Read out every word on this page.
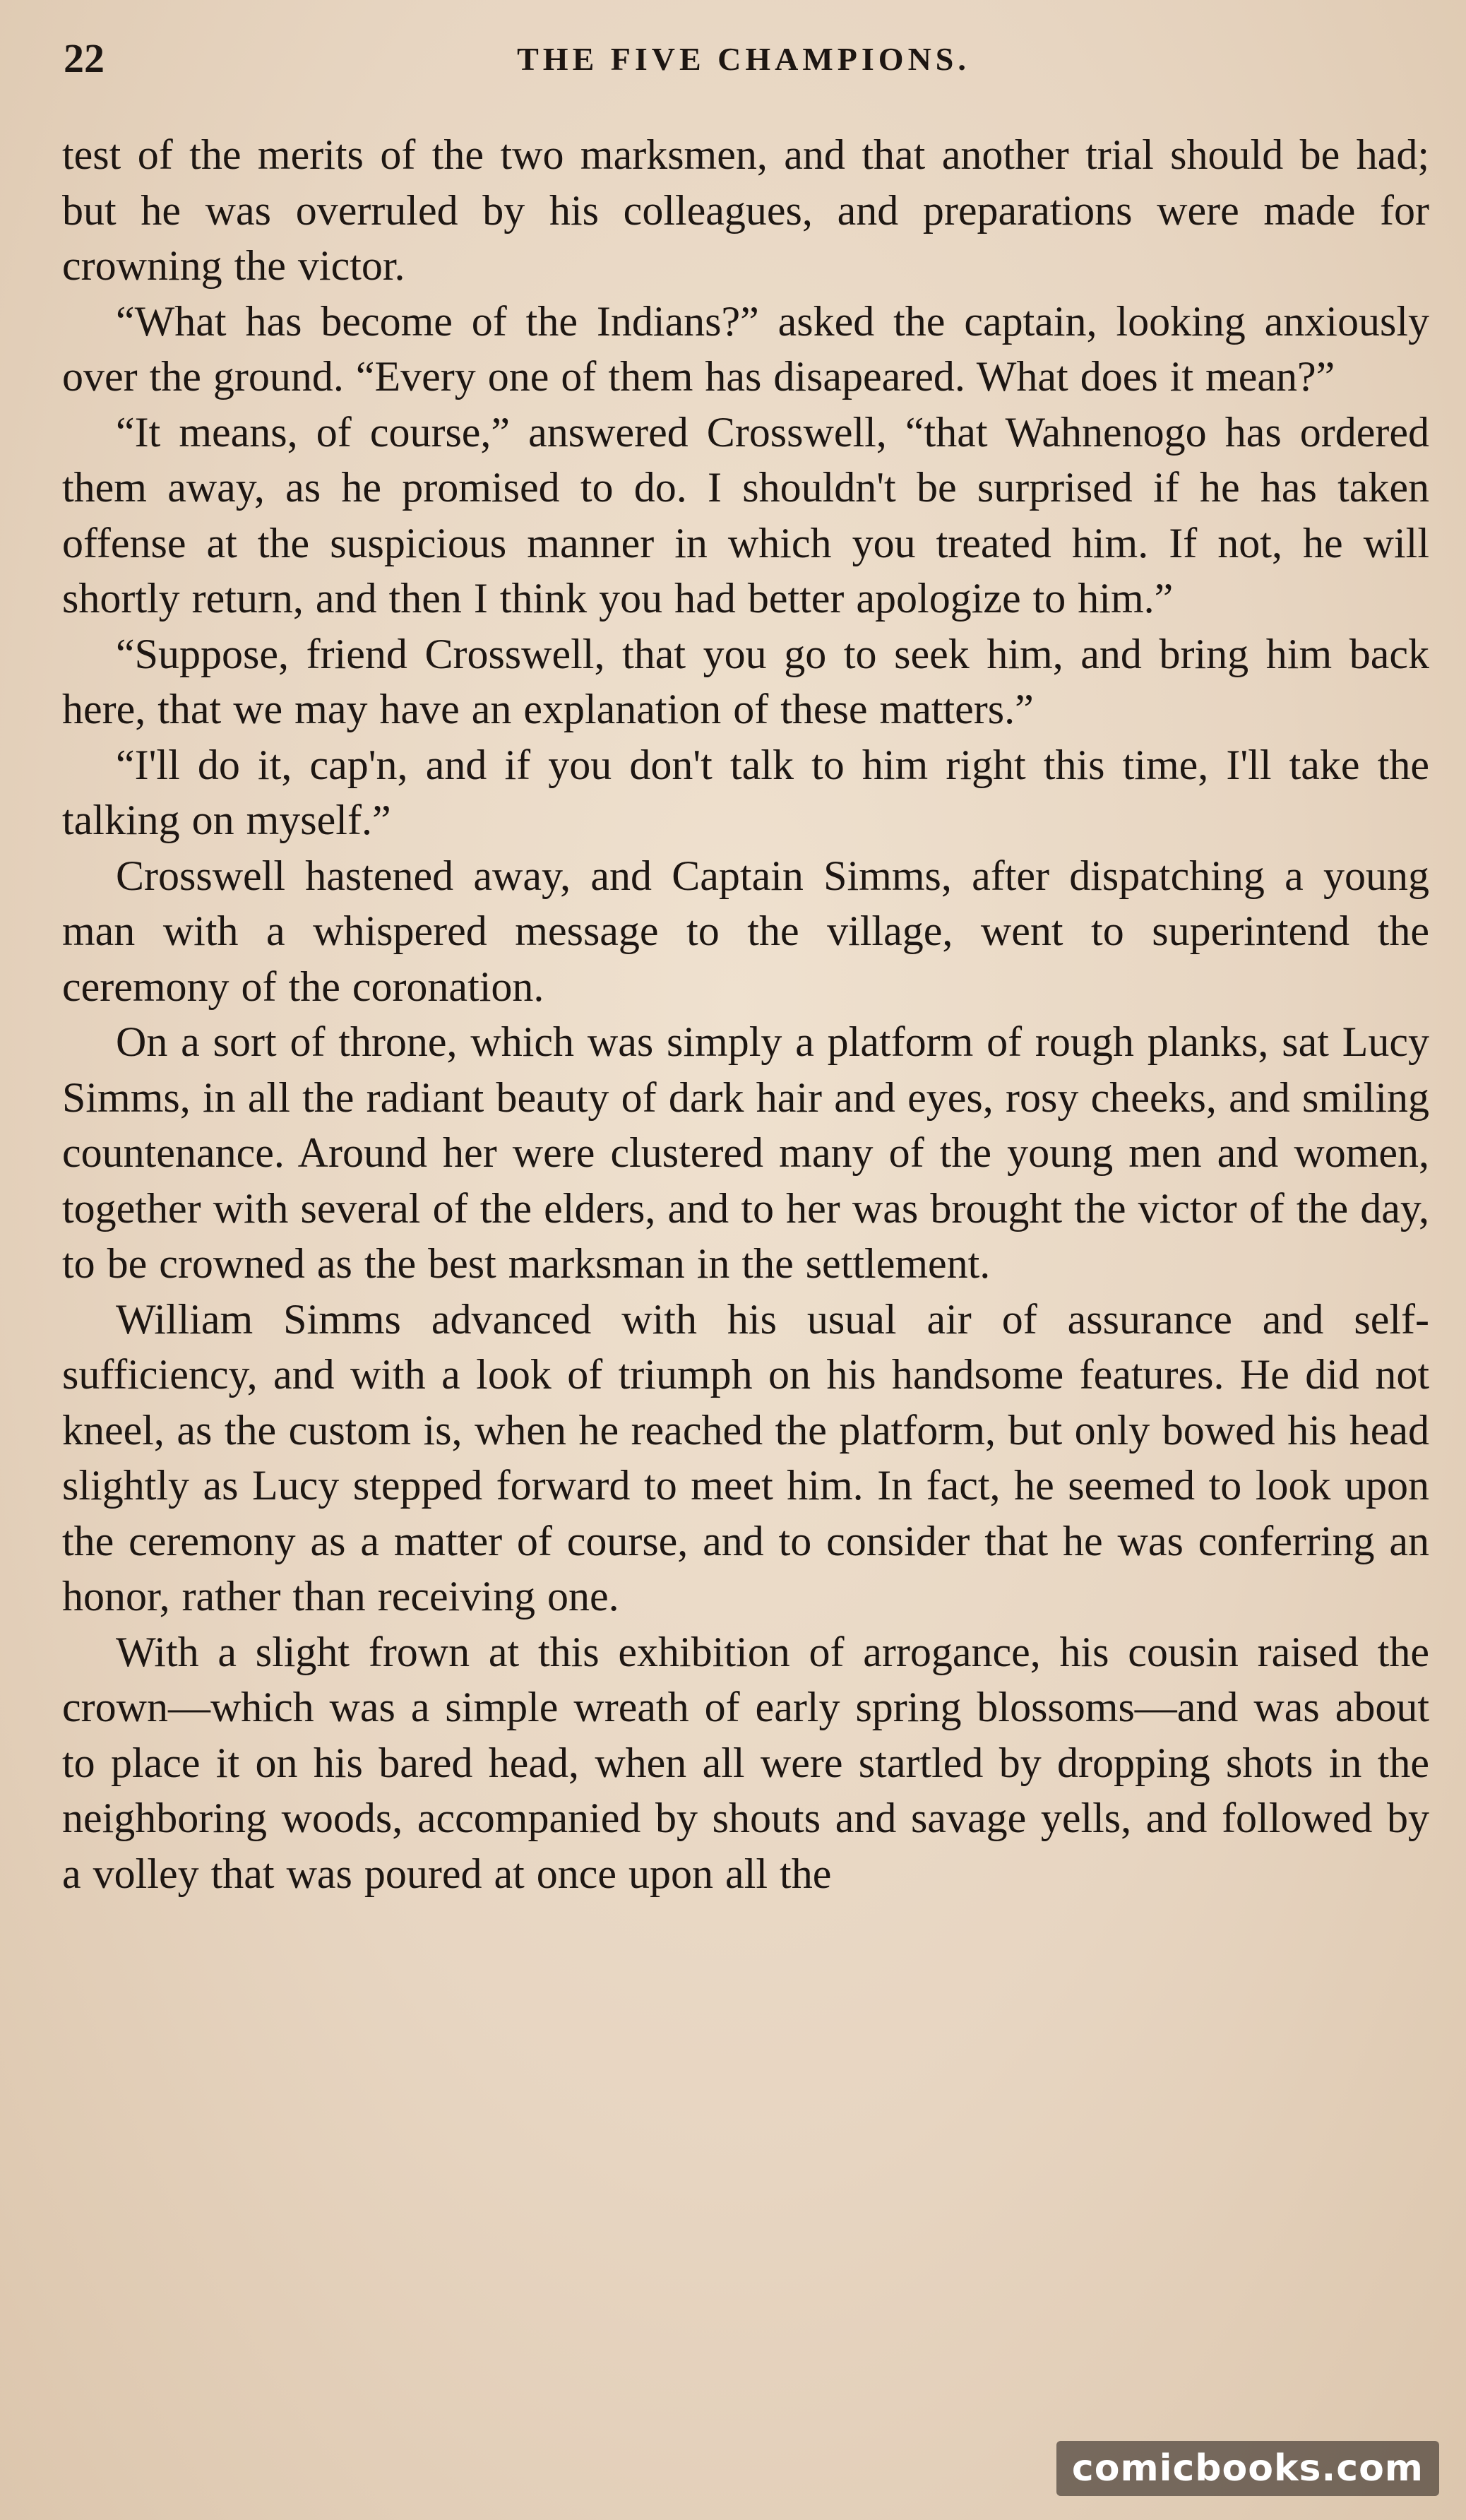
22	THE FIVE CHAMPIONS.

test of the merits of the two marksmen, and that another trial should be had; but he was overruled by his colleagues, and preparations were made for crowning the victor.

“What has become of the Indians?” asked the captain, looking anxiously over the ground. “Every one of them has disapeared. What does it mean?”

“It means, of course,” answered Crosswell, “that Wahnenogo has ordered them away, as he promised to do. I shouldn't be surprised if he has taken offense at the suspicious manner in which you treated him. If not, he will shortly return, and then I think you had better apologize to him.”

“Suppose, friend Crosswell, that you go to seek him, and bring him back here, that we may have an explanation of these matters.”

“I'll do it, cap'n, and if you don't talk to him right this time, I'll take the talking on myself.”

Crosswell hastened away, and Captain Simms, after dispatching a young man with a whispered message to the village, went to superintend the ceremony of the coronation.

On a sort of throne, which was simply a platform of rough planks, sat Lucy Simms, in all the radiant beauty of dark hair and eyes, rosy cheeks, and smiling countenance. Around her were clustered many of the young men and women, together with several of the elders, and to her was brought the victor of the day, to be crowned as the best marksman in the settlement.

William Simms advanced with his usual air of assurance and self-sufficiency, and with a look of triumph on his handsome features. He did not kneel, as the custom is, when he reached the platform, but only bowed his head slightly as Lucy stepped forward to meet him. In fact, he seemed to look upon the ceremony as a matter of course, and to consider that he was conferring an honor, rather than receiving one.

With a slight frown at this exhibition of arrogance, his cousin raised the crown—which was a simple wreath of early spring blossoms—and was about to place it on his bared head, when all were startled by dropping shots in the neighboring woods, accompanied by shouts and savage yells, and followed by a volley that was poured at once upon all the

comicbooks.com
